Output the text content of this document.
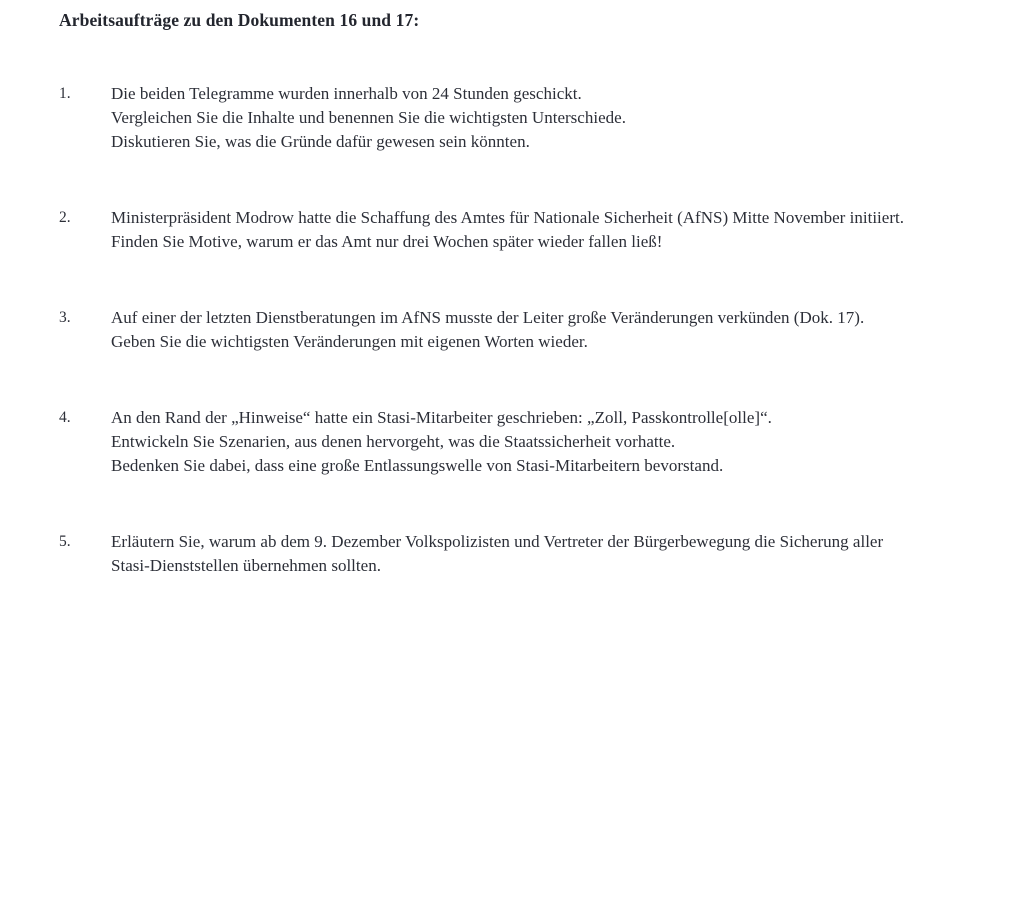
Arbeitsaufträge zu den Dokumenten 16 und 17:
1.	Die beiden Telegramme wurden innerhalb von 24 Stunden geschickt.
Vergleichen Sie die Inhalte und benennen Sie die wichtigsten Unterschiede.
Diskutieren Sie, was die Gründe dafür gewesen sein könnten.
2.	Ministerpräsident Modrow hatte die Schaffung des Amtes für Nationale Sicherheit (AfNS) Mitte November initiiert.
Finden Sie Motive, warum er das Amt nur drei Wochen später wieder fallen ließ!
3.	Auf einer der letzten Dienstberatungen im AfNS musste der Leiter große Veränderungen verkünden (Dok. 17).
Geben Sie die wichtigsten Veränderungen mit eigenen Worten wieder.
4.	An den Rand der „Hinweise“ hatte ein Stasi-Mitarbeiter geschrieben: „Zoll, Passkontrolle[olle]“.
Entwickeln Sie Szenarien, aus denen hervorgeht, was die Staatssicherheit vorhatte.
Bedenken Sie dabei, dass eine große Entlassungswelle von Stasi-Mitarbeitern bevorstand.
5.	Erläutern Sie, warum ab dem 9. Dezember Volkspolizisten und Vertreter der Bürgerbewegung die Sicherung aller
Stasi-Dienststellen übernehmen sollten.
